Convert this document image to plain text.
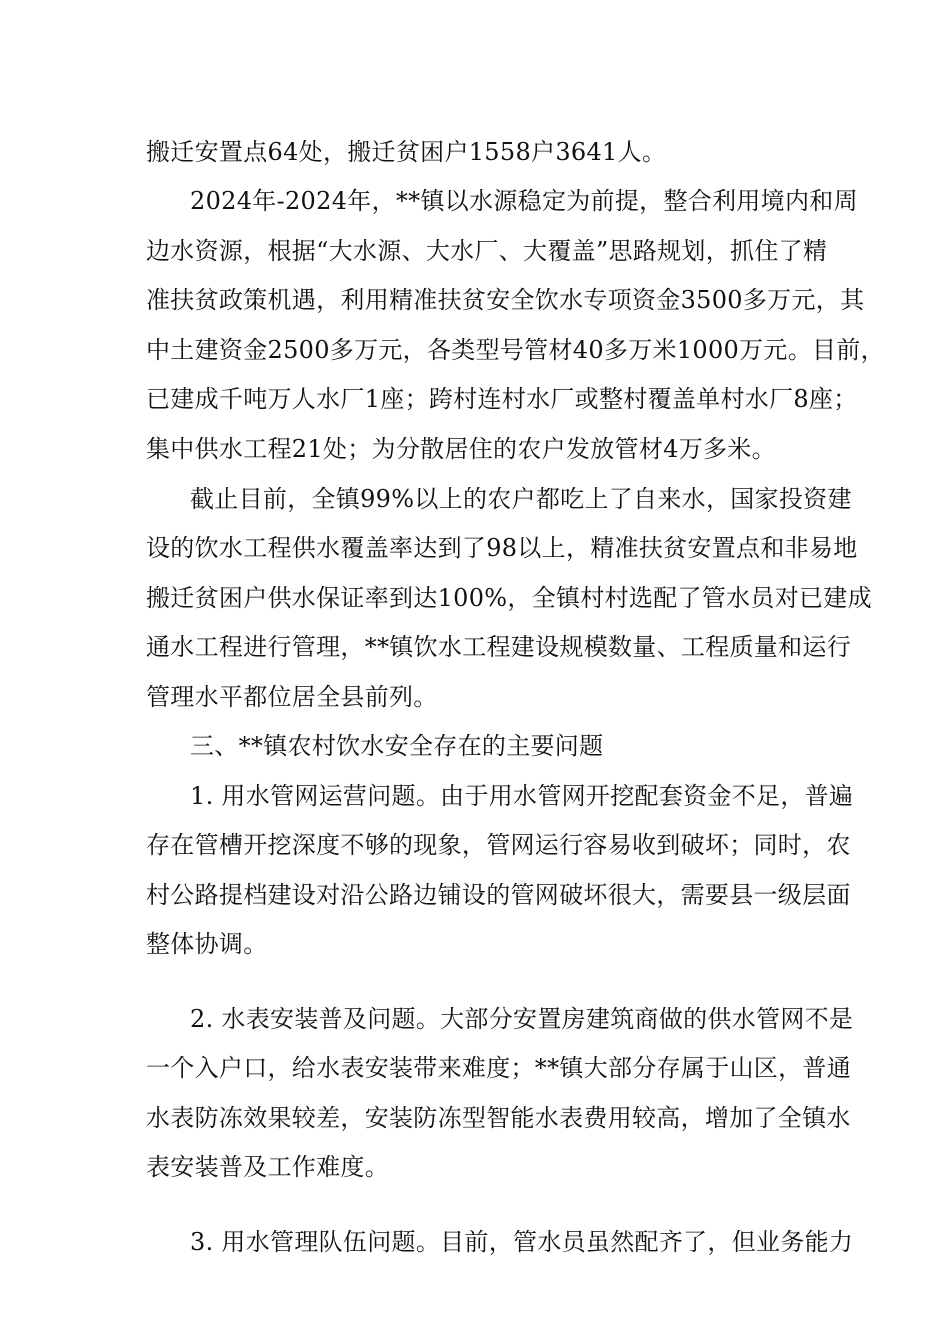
搬迁安置点64处，搬迁贫困户1558户3641人。
2024年-2024年，**镇以水源稳定为前提，整合利用境内和周
边水资源，根据“大水源、大水厂、大覆盖”思路规划，抓住了精
准扶贫政策机遇，利用精准扶贫安全饮水专项资金3500多万元，其
中土建资金2500多万元，各类型号管材40多万米1000万元。目前，
已建成千吨万人水厂1座；跨村连村水厂或整村覆盖单村水厂8座；
集中供水工程21处；为分散居住的农户发放管材4万多米。
截止目前，全镇99%以上的农户都吃上了自来水，国家投资建
设的饮水工程供水覆盖率达到了98以上，精准扶贫安置点和非易地
搬迁贫困户供水保证率到达100%，全镇村村选配了管水员对已建成
通水工程进行管理，**镇饮水工程建设规模数量、工程质量和运行
管理水平都位居全县前列。
三、**镇农村饮水安全存在的主要问题
1. 用水管网运营问题。由于用水管网开挖配套资金不足，普遍
存在管槽开挖深度不够的现象，管网运行容易收到破坏；同时，农
村公路提档建设对沿公路边铺设的管网破坏很大，需要县一级层面
整体协调。
2. 水表安装普及问题。大部分安置房建筑商做的供水管网不是
一个入户口，给水表安装带来难度；**镇大部分存属于山区，普通
水表防冻效果较差，安装防冻型智能水表费用较高，增加了全镇水
表安装普及工作难度。
3. 用水管理队伍问题。目前，管水员虽然配齐了，但业务能力
